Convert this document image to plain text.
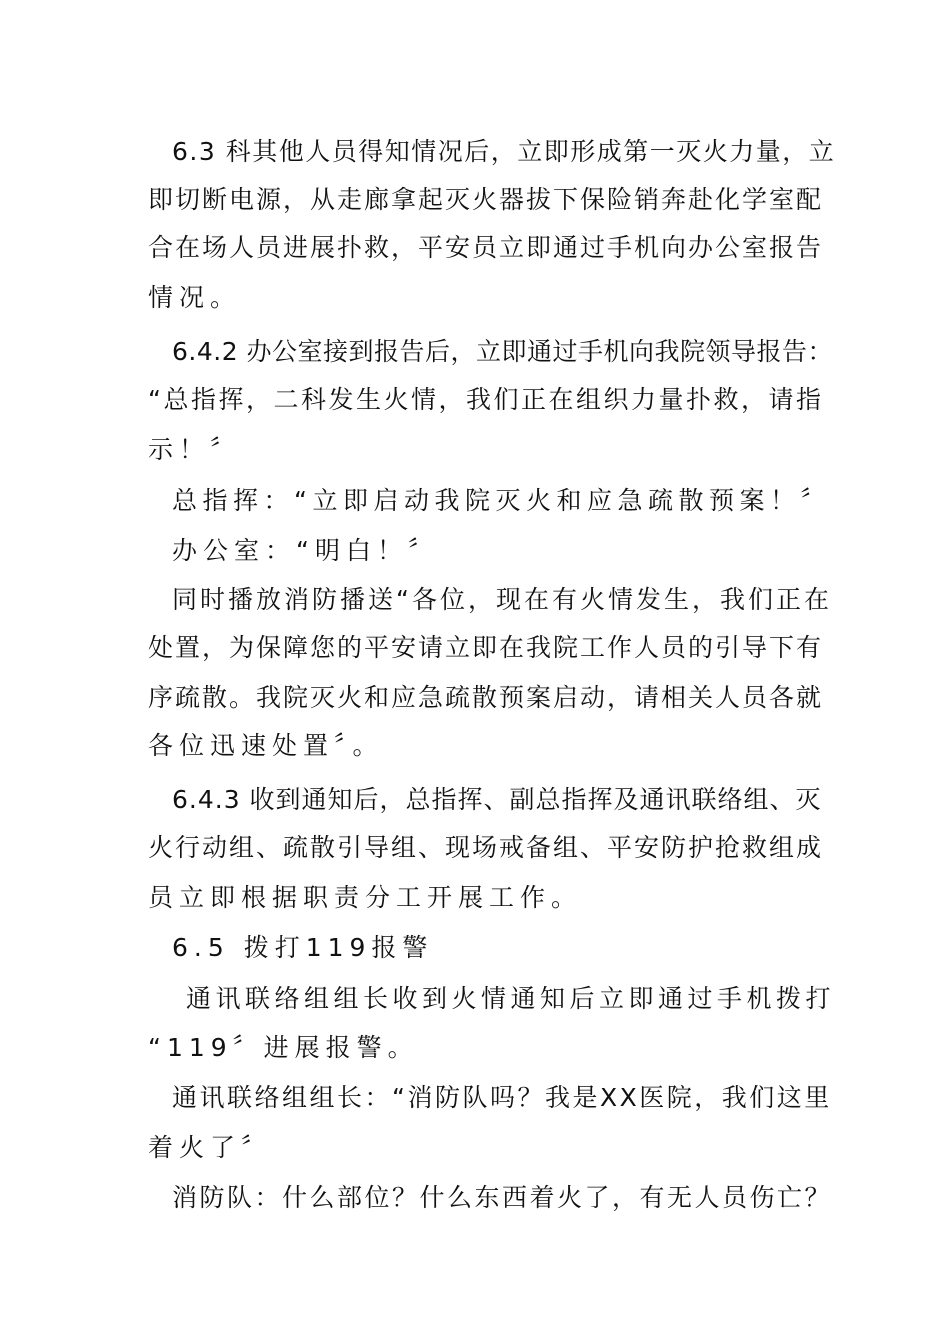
6.3 科其他人员得知情况后，立即形成第一灭火力量，立
即切断电源，从走廊拿起灭火器拔下保险销奔赴化学室配
合在场人员进展扑救，平安员立即通过手机向办公室报告
情况。
6.4.2 办公室接到报告后，立即通过手机向我院领导报告：
“总指挥，二科发生火情，我们正在组织力量扑救，请指
示！〞
总指挥：“立即启动我院灭火和应急疏散预案！〞
办公室：“明白！〞
同时播放消防播送“各位，现在有火情发生，我们正在
处置，为保障您的平安请立即在我院工作人员的引导下有
序疏散。我院灭火和应急疏散预案启动，请相关人员各就
各位迅速处置〞。
6.4.3 收到通知后，总指挥、副总指挥及通讯联络组、灭
火行动组、疏散引导组、现场戒备组、平安防护抢救组成
员立即根据职责分工开展工作。
6.5 拨打119报警
通讯联络组组长收到火情通知后立即通过手机拨打
“119〞进展报警。
通讯联络组组长：“消防队吗？我是XX医院，我们这里
着火了〞
消防队：什么部位？什么东西着火了，有无人员伤亡？
